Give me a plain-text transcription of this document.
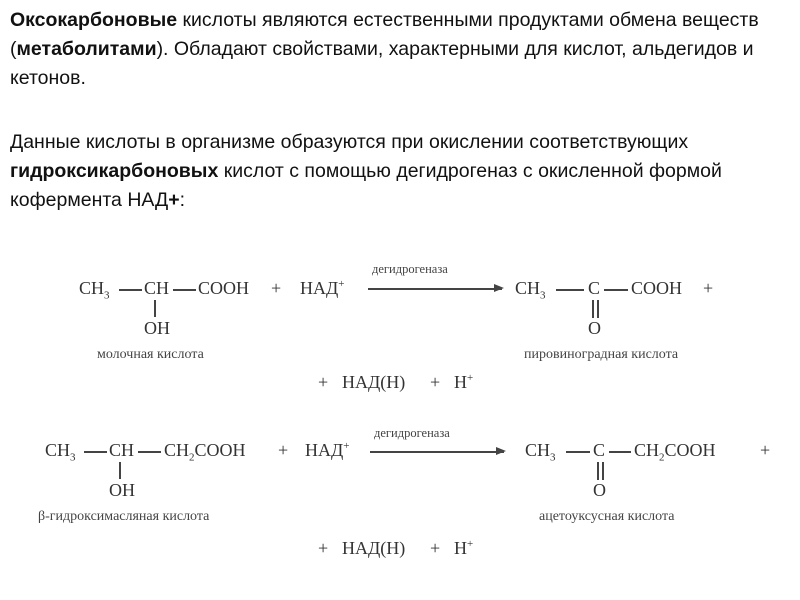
Оксокарбоновые кислоты являются естественными продуктами обмена веществ (метаболитами). Обладают свойствами, характерными для кислот, альдегидов и кетонов.
Данные кислоты в организме образуются при окислении соответствующих гидроксикарбоновых кислот с помощью дегидрогеназ с окисленной формой кофермента НАД+:
$CH_3$ CH COOH
OH
+ НАД+
дегидрогеназа
$CH_3$ C COOH +
O
молочная кислота	пировиноградная кислота
+ НАД(Н) + H+
$CH_3$ CH $CH_2COOH$
OH
+ НАД+
дегидрогеназа
$CH_3$ C $CH_2COOH$ +
O
β-гидроксимасляная кислота	ацетоуксусная кислота
+ НАД(Н) + H+
